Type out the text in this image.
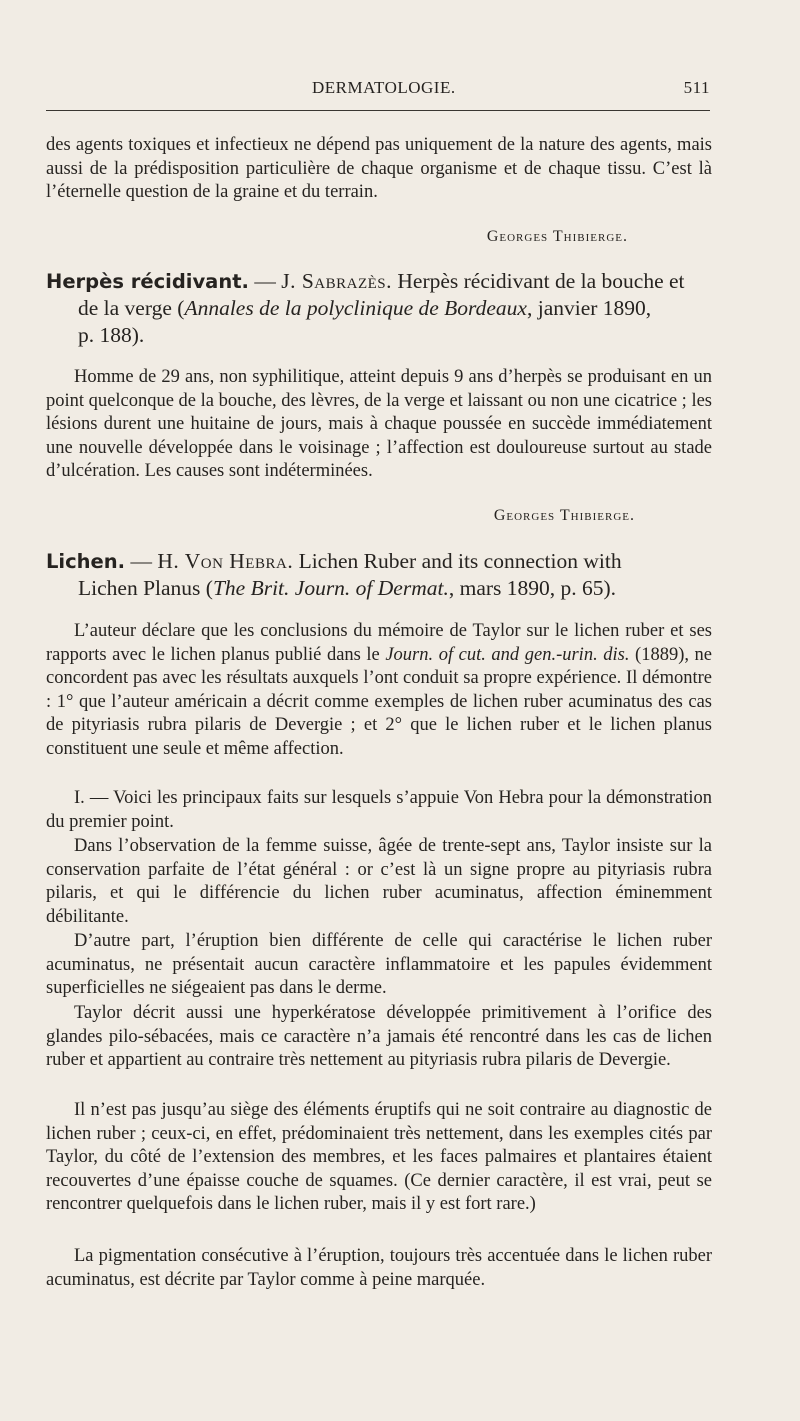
DERMATOLOGIE.	511
des agents toxiques et infectieux ne dépend pas uniquement de la nature des agents, mais aussi de la prédisposition particulière de chaque organisme et de chaque tissu. C’est là l’éternelle question de la graine et du terrain.
Georges Thibierge.
Herpès récidivant. — J. Sabrazès. Herpès récidivant de la bouche et
de la verge (Annales de la polyclinique de Bordeaux, janvier 1890,
p. 188).
Homme de 29 ans, non syphilitique, atteint depuis 9 ans d’herpès se produisant en un point quelconque de la bouche, des lèvres, de la verge et laissant ou non une cicatrice ; les lésions durent une huitaine de jours, mais à chaque poussée en succède immédiatement une nouvelle développée dans le voisinage ; l’affection est douloureuse surtout au stade d’ulcération. Les causes sont indéterminées.
Georges Thibierge.
Lichen. — H. Von Hebra. Lichen Ruber and its connection with
Lichen Planus (The Brit. Journ. of Dermat., mars 1890, p. 65).
L’auteur déclare que les conclusions du mémoire de Taylor sur le lichen ruber et ses rapports avec le lichen planus publié dans le Journ. of cut. and gen.-urin. dis. (1889), ne concordent pas avec les résultats auxquels l’ont conduit sa propre expérience. Il démontre : 1° que l’auteur américain a décrit comme exemples de lichen ruber acuminatus des cas de pityriasis rubra pilaris de Devergie ; et 2° que le lichen ruber et le lichen planus constituent une seule et même affection.
I. — Voici les principaux faits sur lesquels s’appuie Von Hebra pour la démonstration du premier point.
Dans l’observation de la femme suisse, âgée de trente-sept ans, Taylor insiste sur la conservation parfaite de l’état général : or c’est là un signe propre au pityriasis rubra pilaris, et qui le différencie du lichen ruber acuminatus, affection éminemment débilitante.
D’autre part, l’éruption bien différente de celle qui caractérise le lichen ruber acuminatus, ne présentait aucun caractère inflammatoire et les papules évidemment superficielles ne siégeaient pas dans le derme.
Taylor décrit aussi une hyperkératose développée primitivement à l’orifice des glandes pilo-sébacées, mais ce caractère n’a jamais été rencontré dans les cas de lichen ruber et appartient au contraire très nettement au pityriasis rubra pilaris de Devergie.
Il n’est pas jusqu’au siège des éléments éruptifs qui ne soit contraire au diagnostic de lichen ruber ; ceux-ci, en effet, prédominaient très nettement, dans les exemples cités par Taylor, du côté de l’extension des membres, et les faces palmaires et plantaires étaient recouvertes d’une épaisse couche de squames. (Ce dernier caractère, il est vrai, peut se rencontrer quelquefois dans le lichen ruber, mais il y est fort rare.)
La pigmentation consécutive à l’éruption, toujours très accentuée dans le lichen ruber acuminatus, est décrite par Taylor comme à peine marquée.
